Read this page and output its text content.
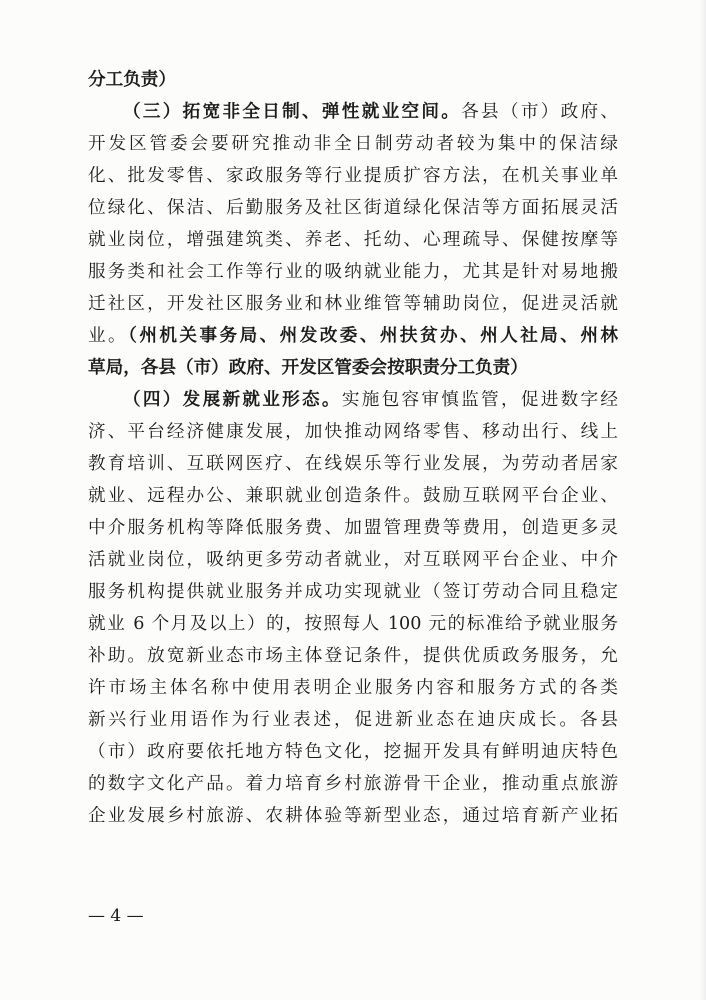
分工负责）
（三）拓宽非全日制、弹性就业空间。各县（市）政府、
开发区管委会要研究推动非全日制劳动者较为集中的保洁绿
化、批发零售、家政服务等行业提质扩容方法，在机关事业单
位绿化、保洁、后勤服务及社区街道绿化保洁等方面拓展灵活
就业岗位，增强建筑类、养老、托幼、心理疏导、保健按摩等
服务类和社会工作等行业的吸纳就业能力，尤其是针对易地搬
迁社区，开发社区服务业和林业维管等辅助岗位，促进灵活就
业。（州机关事务局、州发改委、州扶贫办、州人社局、州林
草局，各县（市）政府、开发区管委会按职责分工负责）
（四）发展新就业形态。实施包容审慎监管，促进数字经
济、平台经济健康发展，加快推动网络零售、移动出行、线上
教育培训、互联网医疗、在线娱乐等行业发展，为劳动者居家
就业、远程办公、兼职就业创造条件。鼓励互联网平台企业、
中介服务机构等降低服务费、加盟管理费等费用，创造更多灵
活就业岗位，吸纳更多劳动者就业，对互联网平台企业、中介
服务机构提供就业服务并成功实现就业（签订劳动合同且稳定
就业 6 个月及以上）的，按照每人 100 元的标准给予就业服务
补助。放宽新业态市场主体登记条件，提供优质政务服务，允
许市场主体名称中使用表明企业服务内容和服务方式的各类
新兴行业用语作为行业表述，促进新业态在迪庆成长。各县
（市）政府要依托地方特色文化，挖掘开发具有鲜明迪庆特色
的数字文化产品。着力培育乡村旅游骨干企业，推动重点旅游
企业发展乡村旅游、农耕体验等新型业态，通过培育新产业拓
— 4 —
